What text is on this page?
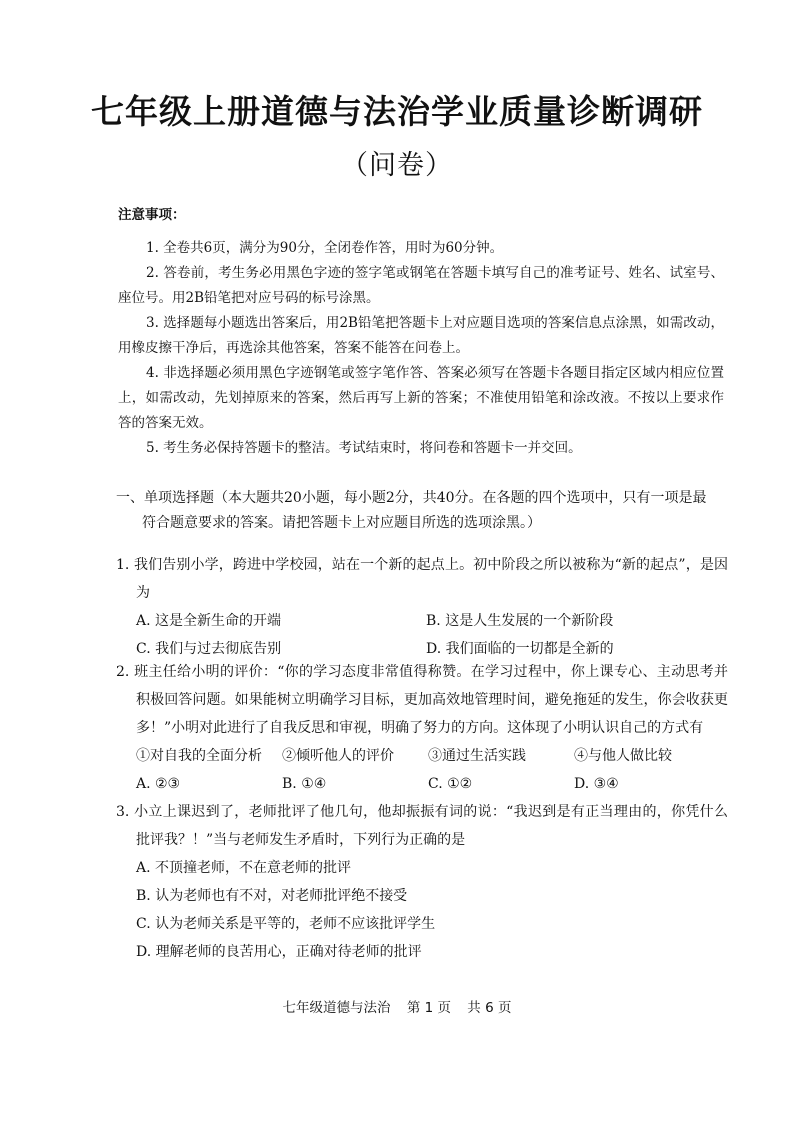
七年级上册道德与法治学业质量诊断调研
（问卷）
注意事项：

1. 全卷共6页，满分为90分，全闭卷作答，用时为60分钟。

2. 答卷前，考生务必用黑色字迹的签字笔或钢笔在答题卡填写自己的准考证号、姓名、试室号、座位号。用2B铅笔把对应号码的标号涂黑。

3. 选择题每小题选出答案后，用2B铅笔把答题卡上对应题目选项的答案信息点涂黑，如需改动，用橡皮擦干净后，再选涂其他答案，答案不能答在问卷上。

4. 非选择题必须用黑色字迹钢笔或签字笔作答、答案必须写在答题卡各题目指定区域内相应位置上，如需改动，先划掉原来的答案，然后再写上新的答案；不准使用铅笔和涂改液。不按以上要求作答的答案无效。

5. 考生务必保持答题卡的整洁。考试结束时，将问卷和答题卡一并交回。

一、单项选择题（本大题共20小题，每小题2分，共40分。在各题的四个选项中，只有一项是最
符合题意要求的答案。请把答题卡上对应题目所选的选项涂黑。）
1. 我们告别小学，跨进中学校园，站在一个新的起点上。初中阶段之所以被称为“新的起点”，是因为
A. 这是全新生命的开端	B. 这是人生发展的一个新阶段
C. 我们与过去彻底告别	D. 我们面临的一切都是全新的
2. 班主任给小明的评价：“你的学习态度非常值得称赞。在学习过程中，你上课专心、主动思考并积极回答问题。如果能树立明确学习目标，更加高效地管理时间，避免拖延的发生，你会收获更多！”小明对此进行了自我反思和审视，明确了努力的方向。这体现了小明认识自己的方式有
①对自我的全面分析	②倾听他人的评价	③通过生活实践	④与他人做比较
A. ②③	B. ①④	C. ①②	D. ③④
3. 小立上课迟到了，老师批评了他几句，他却振振有词的说：“我迟到是有正当理由的，你凭什么批评我？！”当与老师发生矛盾时，下列行为正确的是
A. 不顶撞老师，不在意老师的批评
B. 认为老师也有不对，对老师批评绝不接受
C. 认为老师关系是平等的，老师不应该批评学生
D. 理解老师的良苦用心，正确对待老师的批评
七年级道德与法治 第 1 页 共 6 页
